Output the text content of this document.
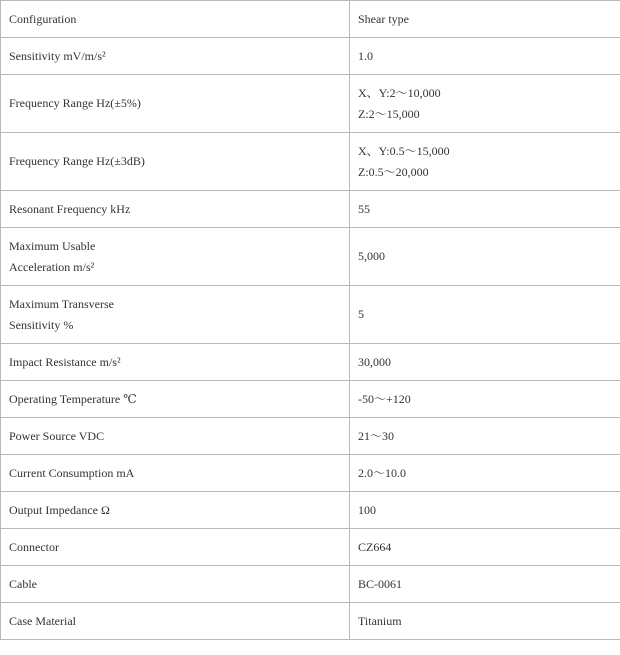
Configuration	Shear type
Sensitivity mV/m/s²	1.0
Frequency Range Hz(±5%)	X、Y:2～10,000
Z:2～15,000

Frequency Range Hz(±3dB)	X、Y:0.5～15,000
Z:0.5～20,000

Resonant Frequency kHz	55

Maximum Usable
Acceleration m/s²	5,000

Maximum Transverse
Sensitivity %	5
Impact Resistance m/s²	30,000
Operating Temperature ℃	-50～+120
Power Source VDC	21～30
Current Consumption mA	2.0～10.0
Output Impedance Ω	100
Connector	CZ664
Cable	BC-0061
Case Material	Titanium
